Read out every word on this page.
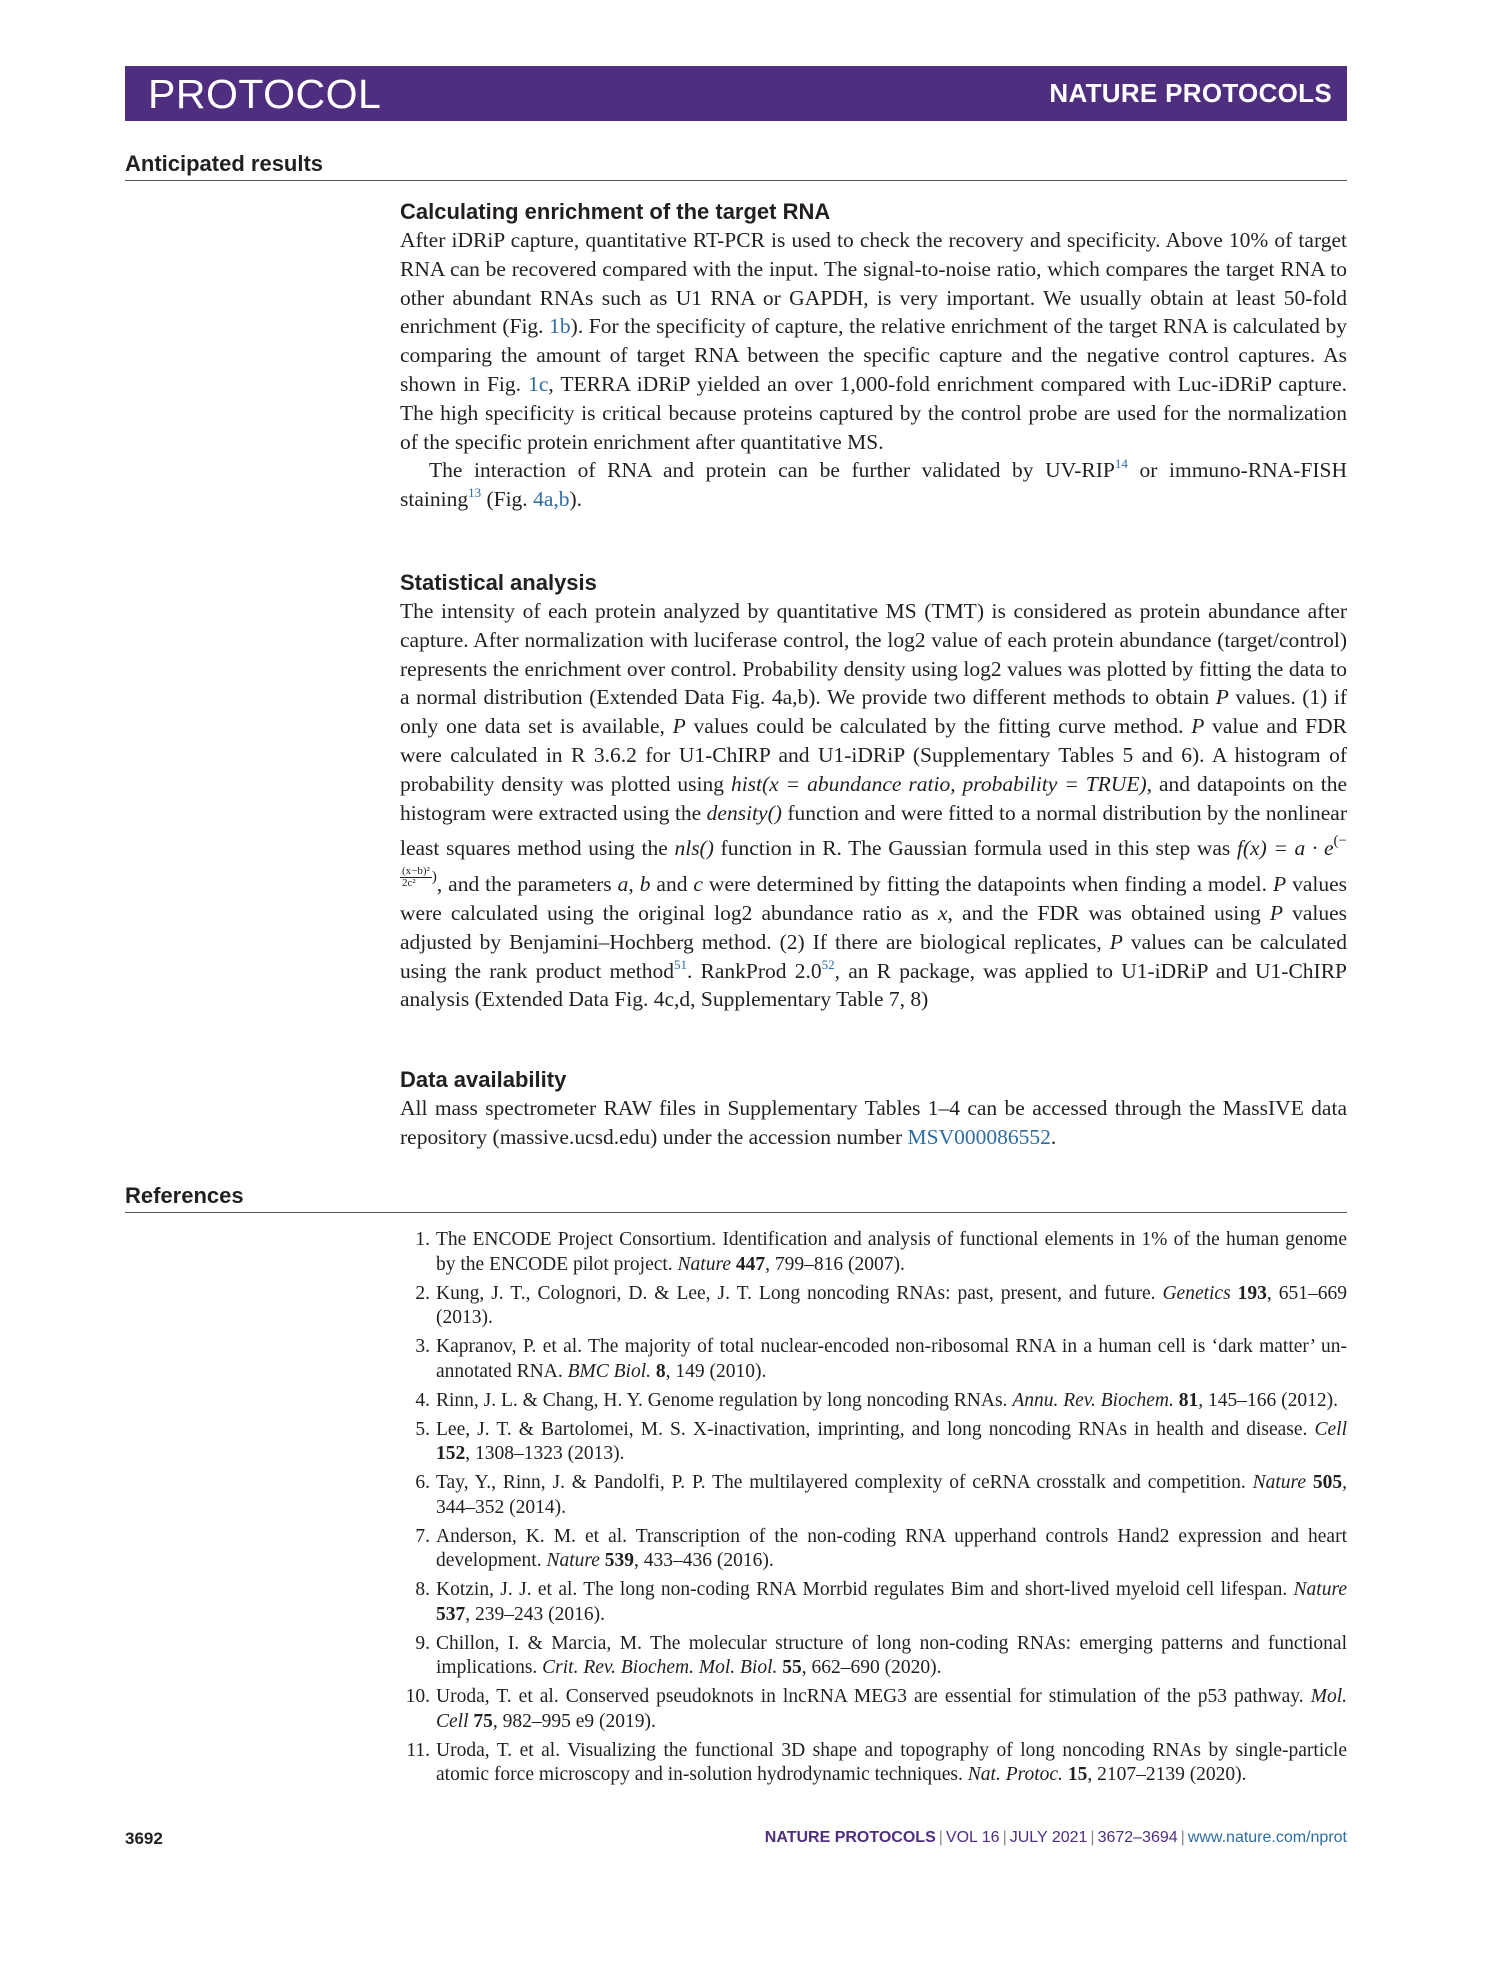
PROTOCOL	NATURE PROTOCOLS
Anticipated results
Calculating enrichment of the target RNA

After iDRiP capture, quantitative RT-PCR is used to check the recovery and specificity. Above 10% of target RNA can be recovered compared with the input. The signal-to-noise ratio, which compares the target RNA to other abundant RNAs such as U1 RNA or GAPDH, is very important. We usually obtain at least 50-fold enrichment (Fig. 1b). For the specificity of capture, the relative enrichment of the target RNA is calculated by comparing the amount of target RNA between the specific capture and the negative control captures. As shown in Fig. 1c, TERRA iDRiP yielded an over 1,000-fold enrichment compared with Luc-iDRiP capture. The high specificity is critical because proteins captured by the control probe are used for the normalization of the specific protein enrichment after quantitative MS.

The interaction of RNA and protein can be further validated by UV-RIP$^{14}$ or immuno-RNA-FISH staining$^{13}$ (Fig. 4a,b).

Statistical analysis

The intensity of each protein analyzed by quantitative MS (TMT) is considered as protein abundance after capture. After normalization with luciferase control, the log2 value of each protein abundance (target/control) represents the enrichment over control. Probability density using log2 values was plotted by fitting the data to a normal distribution (Extended Data Fig. 4a,b). We provide two different methods to obtain P values. (1) if only one data set is available, P values could be calculated by the fitting curve method. P value and FDR were calculated in R 3.6.2 for U1-ChIRP and U1-iDRiP (Supplementary Tables 5 and 6). A histogram of probability density was plotted using hist(x = abundance ratio, probability = TRUE), and datapoints on the histogram were extracted using the density() function and were fitted to a normal distribution by the nonlinear least squares method using the nls() function in R. The Gaussian formula used in this step was $f(x) = a \cdot e^{(- \frac{\text{(x−b)²}}{\text{2c²}} )}$, and the parameters a, b and c were determined by fitting the datapoints when finding a model. P values were calculated using the original log2 abundance ratio as x, and the FDR was obtained using P values adjusted by Benjamini–Hochberg method. (2) If there are biological replicates, P values can be calculated using the rank product method$^{51}$. RankProd $2.0^{52}$, an R package, was applied to U1-iDRiP and U1-ChIRP analysis (Extended Data Fig. 4c,d, Supplementary Table 7, 8)

Data availability

All mass spectrometer RAW files in Supplementary Tables 1–4 can be accessed through the MassIVE data repository (massive.ucsd.edu) under the accession number MSV000086552.

References
1. The ENCODE Project Consortium. Identification and analysis of functional elements in 1% of the human genome by the ENCODE pilot project. Nature 447, 799–816 (2007).
2. Kung, J. T., Colognori, D. & Lee, J. T. Long noncoding RNAs: past, present, and future. Genetics 193, 651–669 (2013).
3. Kapranov, P. et al. The majority of total nuclear-encoded non-ribosomal RNA in a human cell is ‘dark matter’ un-annotated RNA. BMC Biol. 8, 149 (2010).
4. Rinn, J. L. & Chang, H. Y. Genome regulation by long noncoding RNAs. Annu. Rev. Biochem. 81, 145–166 (2012).
5. Lee, J. T. & Bartolomei, M. S. X-inactivation, imprinting, and long noncoding RNAs in health and disease. Cell 152, 1308–1323 (2013).
6. Tay, Y., Rinn, J. & Pandolfi, P. P. The multilayered complexity of ceRNA crosstalk and competition. Nature 505, 344–352 (2014).
7. Anderson, K. M. et al. Transcription of the non-coding RNA upperhand controls Hand2 expression and heart development. Nature 539, 433–436 (2016).
8. Kotzin, J. J. et al. The long non-coding RNA Morrbid regulates Bim and short-lived myeloid cell lifespan. Nature 537, 239–243 (2016).
9. Chillon, I. & Marcia, M. The molecular structure of long non-coding RNAs: emerging patterns and functional implications. Crit. Rev. Biochem. Mol. Biol. 55, 662–690 (2020).
10. Uroda, T. et al. Conserved pseudoknots in lncRNA MEG3 are essential for stimulation of the p53 pathway. Mol. Cell 75, 982–995 e9 (2019).
11. Uroda, T. et al. Visualizing the functional 3D shape and topography of long noncoding RNAs by single-particle atomic force microscopy and in-solution hydrodynamic techniques. Nat. Protoc. 15, 2107–2139 (2020).
3692	NATURE PROTOCOLS | VOL 16 | JULY 2021 | 3672–3694 | www.nature.com/nprot
